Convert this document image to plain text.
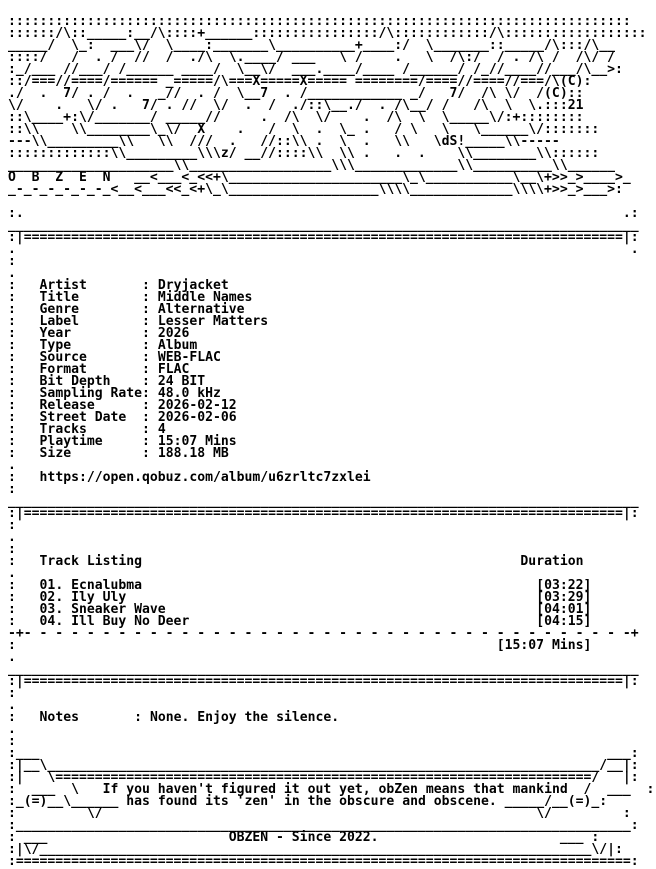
:::::::::::::::::::::::::::::::::::::::::::::::::::::::::::::::::::::::::::::::
::::::/\::_____:__/\::::+______::::::::::::::::/\::::::::::::/\::::::::::::::::::
_____/  \_:  ___\/  \____:_______\__________+____:/  \_______::_____/\:::/\__
::::/   /  . /  //  /  ./\  \.____/ ___   \ /    .   \  /\:/  / . /\ /  /\/ /
:_/___ //___/ /______ ____/  \__\/  ___.____/____ /______/ /_//____//___/\__>:
::/===//====/====== _=====/\===X=====X===== ========/====//====//===/\(C):
./  .  7/ . /  .   _//  . /  \__7  . /____________ _/   7/  /\ \/  /(C)::
\/    .   \/ .   7/ . //  \/  .  /  ./::\__./  . /\__/ /   /\  \  \.:::21
::\____+:\/_______/ _____//     .  /\  \/    .  /\  \  \_____\/:+::::::::
::\\    \\________\_\/  X    .   /  \  .  \_ .   / \   \   \______\/:::::::
---\\_________\\   \\  ///  .   //::\\ .  \  .   \\   \dS!_____\\-----
:::::::::::::\\_________\\\z/ __//::::\\  \\ .   .  .    \\________\\::::::
_____________________\\__________________\\\_____________\\__________\\______
O  B  Z  E  N   __<___<_<<+\______________________\_\___________\__\+>>_>____>_
_-_-_-_-_-_-_<__<___<<_<+\_\___________________\\\\_____________\\\\+>>_>___>:
:.                                                                            .:
________________________________________________________________________________
:|============================================================================|:
.                                                                              .
:
.
:   Artist       : Dryjacket
:   Title        : Middle Names
:   Genre        : Alternative
:   Label        : Lesser Matters
:   Year         : 2026
:   Type         : Album
:   Source       : WEB-FLAC
:   Format       : FLAC
:   Bit Depth    : 24 BIT
:   Sampling Rate: 48.0 kHz
:   Release      : 2026-02-12
:   Street Date  : 2026-02-06
:   Tracks       : 4
:   Playtime     : 15:07 Mins
:   Size         : 188.18 MB
.
:   https://open.qobuz.com/album/u6zrltc7zxlei
:
________________________________________________________________________________
:|============================================================================|:
:
.
:
:   Track Listing                                                Duration
.
:   01. Ecnalubma                                                  [03:22]
:   02. Ily Uly                                                    [03:29]
:   03. Sneaker Wave                                               [04:01]
:   04. Ill Buy No Deer                                            [04:15]
-+- - - - - - - - - - - - - - - - - - - - - - - - - - - - - - - - - - - - - - -+
:                                                             [15:07 Mins]
.
________________________________________________________________________________
:|============================================================================|:
:
.
:   Notes       : None. Enjoy the silence.
.
:
:___                                                                        ___:
:|__\______________________________________________________________________/__|:
:|   \====================================================================/   |:
:  ___  \   If you haven't figured it out yet, obZen means that mankind  /  ___  :
:_(=)__\______ has found its 'zen' in the obscure and obscene. _____/__(=)_:
:         \/                                                       \/         :
:______________________________________________________________________________:
: ___                       OBZEN - Since 2022.                       ___ :
:|\/______________________________________________________________________\/|:
:==============================================================================:
